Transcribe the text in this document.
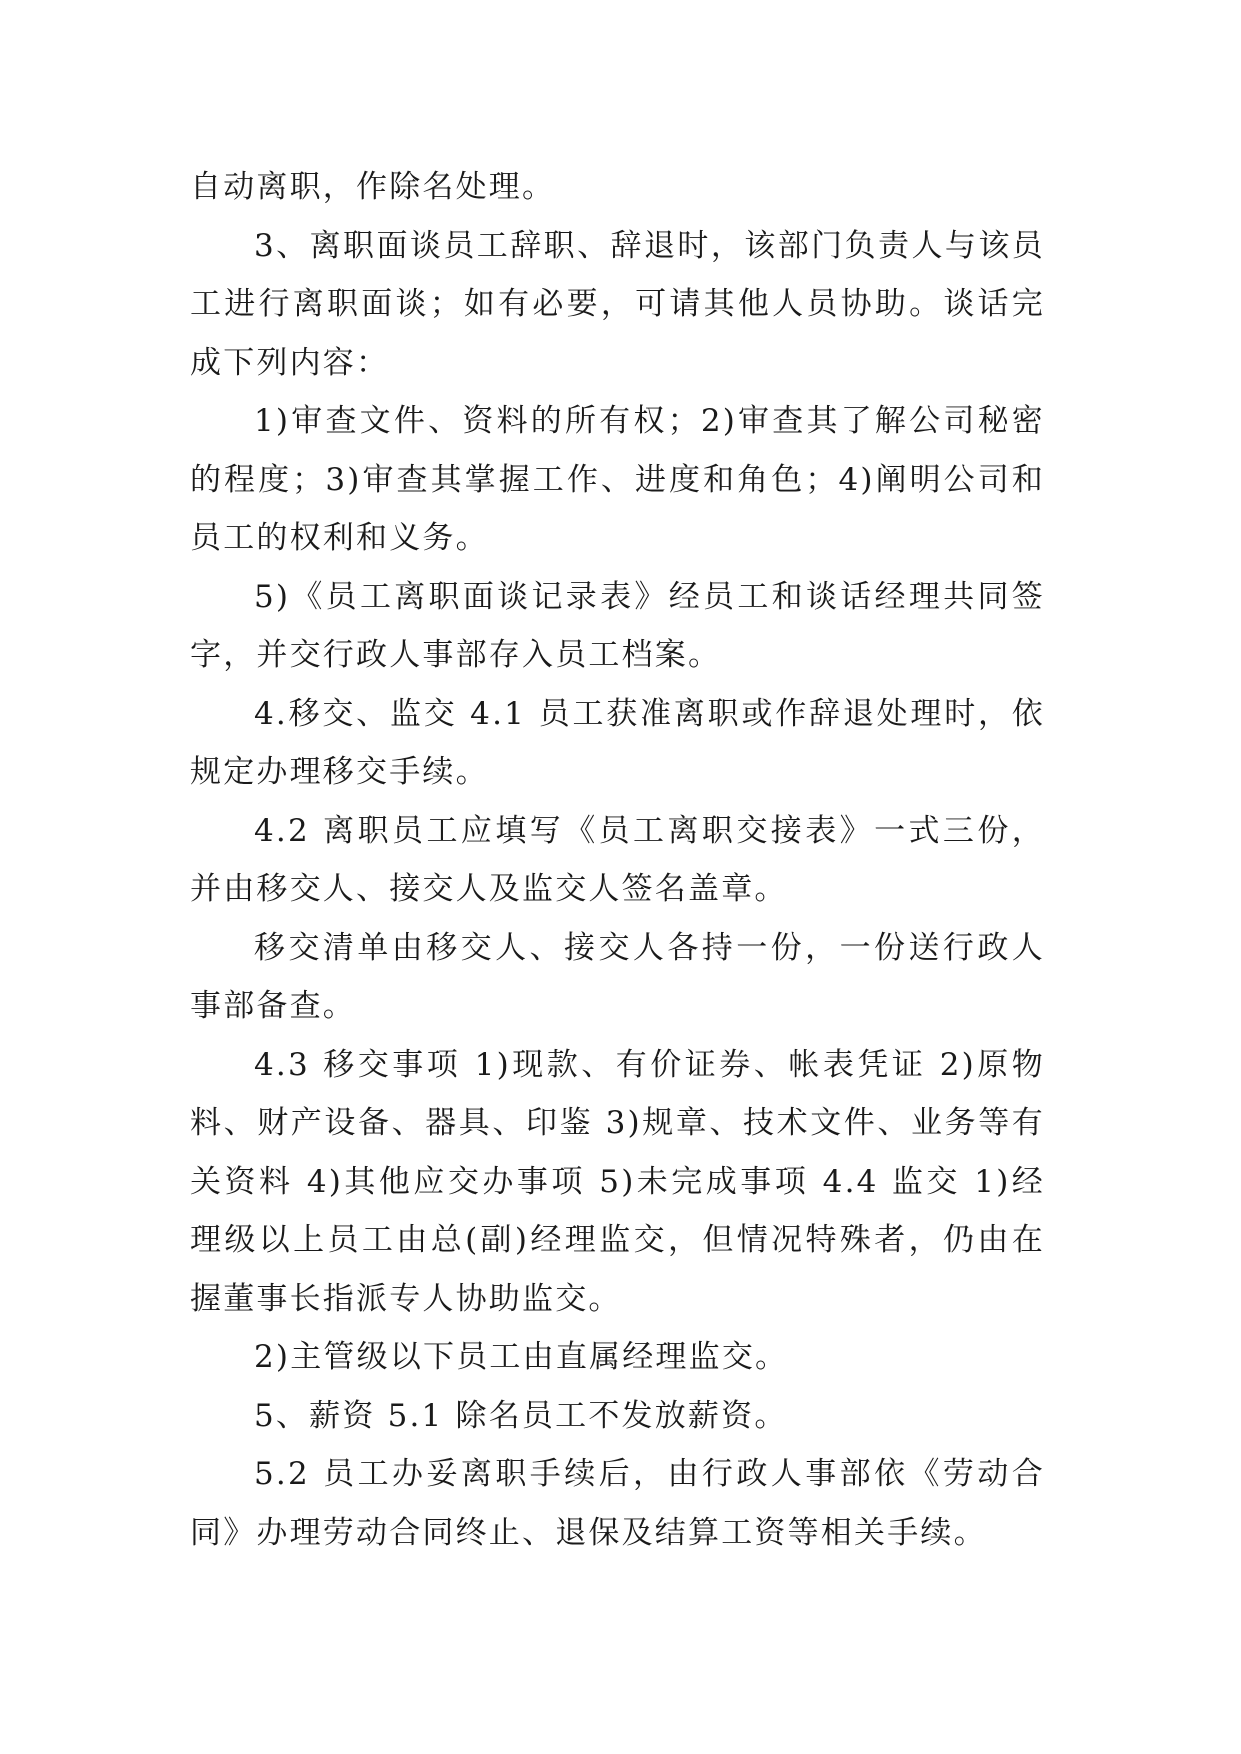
自动离职，作除名处理。

3、离职面谈员工辞职、辞退时，该部门负责人与该员工进行离职面谈；如有必要，可请其他人员协助。谈话完成下列内容：

1)审查文件、资料的所有权；2)审查其了解公司秘密的程度；3)审查其掌握工作、进度和角色；4)阐明公司和员工的权利和义务。

5)《员工离职面谈记录表》经员工和谈话经理共同签字，并交行政人事部存入员工档案。

4.移交、监交 4.1 员工获准离职或作辞退处理时，依规定办理移交手续。

4.2 离职员工应填写《员工离职交接表》一式三份，并由移交人、接交人及监交人签名盖章。

移交清单由移交人、接交人各持一份，一份送行政人事部备查。

4.3 移交事项 1)现款、有价证券、帐表凭证 2)原物料、财产设备、器具、印鉴 3)规章、技术文件、业务等有关资料 4)其他应交办事项 5)未完成事项 4.4 监交 1)经理级以上员工由总(副)经理监交，但情况特殊者，仍由在握董事长指派专人协助监交。

2)主管级以下员工由直属经理监交。

5、薪资 5.1 除名员工不发放薪资。

5.2 员工办妥离职手续后，由行政人事部依《劳动合同》办理劳动合同终止、退保及结算工资等相关手续。
